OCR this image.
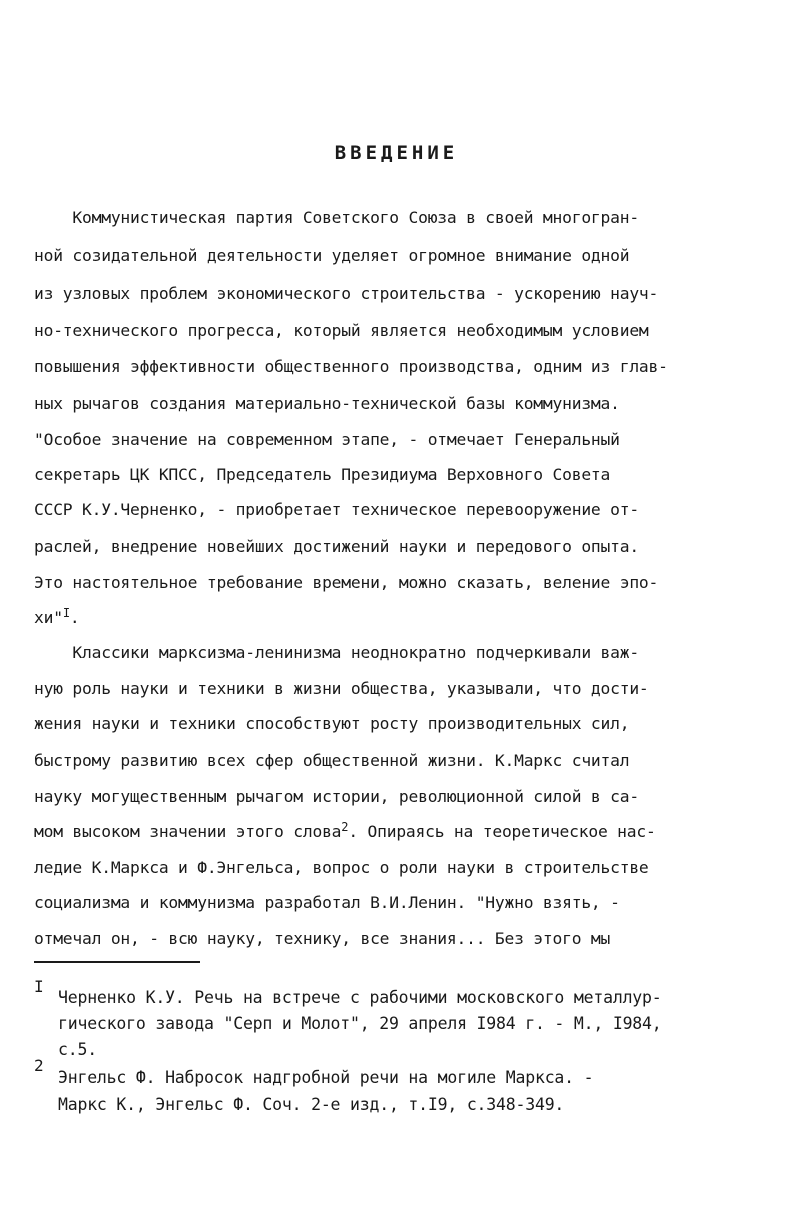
ВВЕДЕНИЕ
Коммунистическая партия Советского Союза в своей многогран-
ной созидательной деятельности уделяет огромное внимание одной
из узловых проблем экономического строительства - ускорению науч-
но-технического прогресса, который является необходимым условием
повышения эффективности общественного производства, одним из глав-
ных рычагов создания материально-технической базы коммунизма.
"Особое значение на современном этапе, - отмечает Генеральный
секретарь ЦК КПСС, Председатель Президиума Верховного Совета
СССР К.У.Черненко, - приобретает техническое перевооружение от-
раслей, внедрение новейших достижений науки и передового опыта.
Это настоятельное требование времени, можно сказать, веление эпо-
хи"$^I$.
Классики марксизма-ленинизма неоднократно подчеркивали важ-
ную роль науки и техники в жизни общества, указывали, что дости-
жения науки и техники способствуют росту производительных сил,
быстрому развитию всех сфер общественной жизни. К.Маркс считал
науку могущественным рычагом истории, революционной силой в са-
мом высоком значении этого слова$^2$. Опираясь на теоретическое нас-
ледие К.Маркса и Ф.Энгельса, вопрос о роли науки в строительстве
социализма и коммунизма разработал В.И.Ленин. "Нужно взять, -
отмечал он, - всю науку, технику, все знания... Без этого мы
I
Черненко К.У. Речь на встрече с рабочими московского металлур-
гического завода "Серп и Молот", 29 апреля I984 г. - М., I984,
с.5.
2
Энгельс Ф. Набросок надгробной речи на могиле Маркса. -
Маркс К., Энгельс Ф. Соч. 2-е изд., т.I9, с.348-349.
